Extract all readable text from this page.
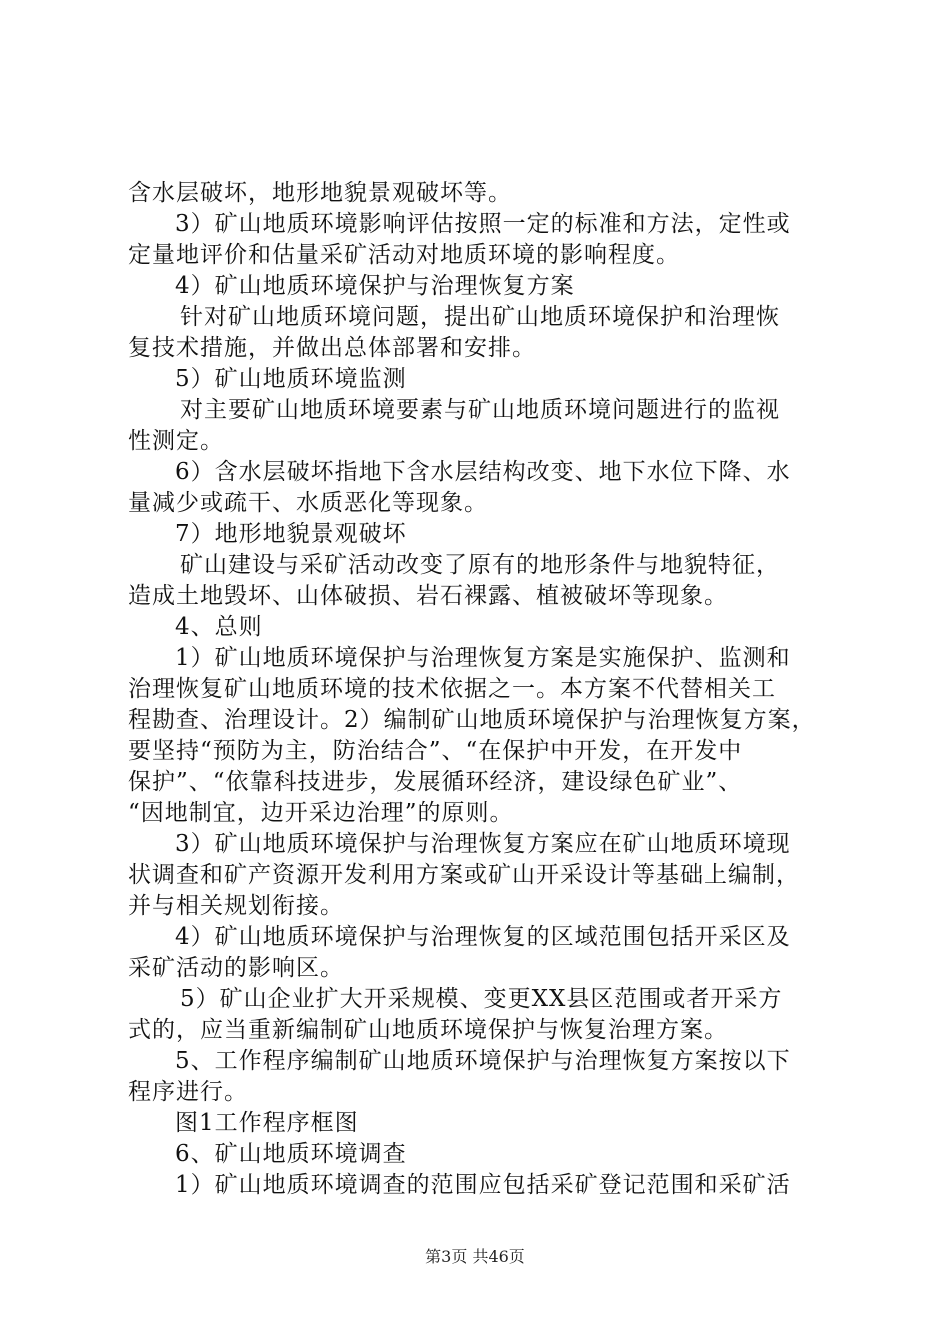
含水层破坏，地形地貌景观破坏等。
3）矿山地质环境影响评估按照一定的标准和方法，定性或
定量地评价和估量采矿活动对地质环境的影响程度。
4）矿山地质环境保护与治理恢复方案
针对矿山地质环境问题，提出矿山地质环境保护和治理恢
复技术措施，并做出总体部署和安排。
5）矿山地质环境监测
对主要矿山地质环境要素与矿山地质环境问题进行的监视
性测定。
6）含水层破坏指地下含水层结构改变、地下水位下降、水
量减少或疏干、水质恶化等现象。
7）地形地貌景观破坏
矿山建设与采矿活动改变了原有的地形条件与地貌特征，
造成土地毁坏、山体破损、岩石裸露、植被破坏等现象。
4、总则
1）矿山地质环境保护与治理恢复方案是实施保护、监测和
治理恢复矿山地质环境的技术依据之一。本方案不代替相关工
程勘查、治理设计。2）编制矿山地质环境保护与治理恢复方案，
要坚持“预防为主，防治结合”、“在保护中开发，在开发中
保护”、“依靠科技进步，发展循环经济，建设绿色矿业”、
“因地制宜，边开采边治理”的原则。
3）矿山地质环境保护与治理恢复方案应在矿山地质环境现
状调查和矿产资源开发利用方案或矿山开采设计等基础上编制，
并与相关规划衔接。
4）矿山地质环境保护与治理恢复的区域范围包括开采区及
采矿活动的影响区。
5）矿山企业扩大开采规模、变更XX县区范围或者开采方
式的，应当重新编制矿山地质环境保护与恢复治理方案。
5、工作程序编制矿山地质环境保护与治理恢复方案按以下
程序进行。
图1工作程序框图
6、矿山地质环境调查
1）矿山地质环境调查的范围应包括采矿登记范围和采矿活
第3页 共46页
